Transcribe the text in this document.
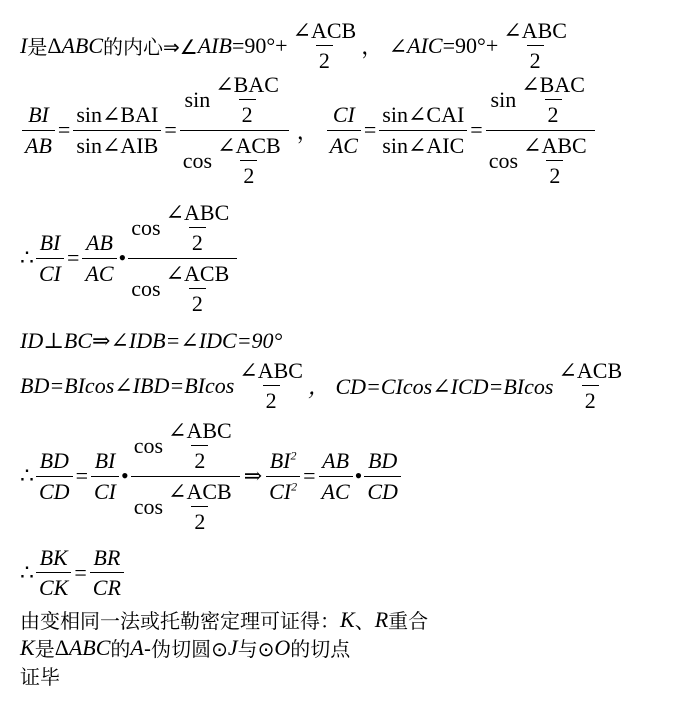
I 是 Δ ABC 的内心⇒∠ AIB $=90^\circ+ \frac{\text{∠ACB}}{2}$ ， ∠ AIC $=90^\circ+ \frac{\text{∠ABC}}{2}$
$\frac{BI}{AB} = \frac{\text{sin∠BAI}}{\text{sin∠AIB}} = \frac{\sin \frac{\text{∠BAC}}{2}}{\cos \frac{\text{∠ACB}}{2}}$ ， $\frac{CI}{AC} = \frac{\text{sin∠CAI}}{\text{sin∠AIC}} = \frac{\sin \frac{\text{∠BAC}}{2}}{\cos \frac{\text{∠ABC}}{2}}$
∴ $\frac{BI}{CI} = \frac{AB}{AC}$ • $\frac{\cos \frac{\text{∠ABC}}{2}}{\cos \frac{\text{∠ACB}}{2}}$
ID⊥BC⇒∠IDB=∠IDC=90°
BD=BIcos∠IBD=BIcos $\frac{\text{∠ABC}}{2}$ ， CD=CIcos∠ICD=BIcos $\frac{\text{∠ACB}}{2}$
∴ $\frac{BD}{CD} = \frac{BI}{CI}$ • $\frac{\cos \frac{\text{∠ABC}}{2}}{\cos \frac{\text{∠ACB}}{2}}$ ⇒ $\frac{BI^2}{CI^2} = \frac{AB}{AC}$ • $\frac{BD}{CD}$
∴ $\frac{BK}{CK} = \frac{BR}{CR}$
由变相同一法或托勒密定理可证得： K 、 R 重合
K 是 Δ ABC 的 A -伪切圆⊙ J 与⊙ O 的切点
证毕
